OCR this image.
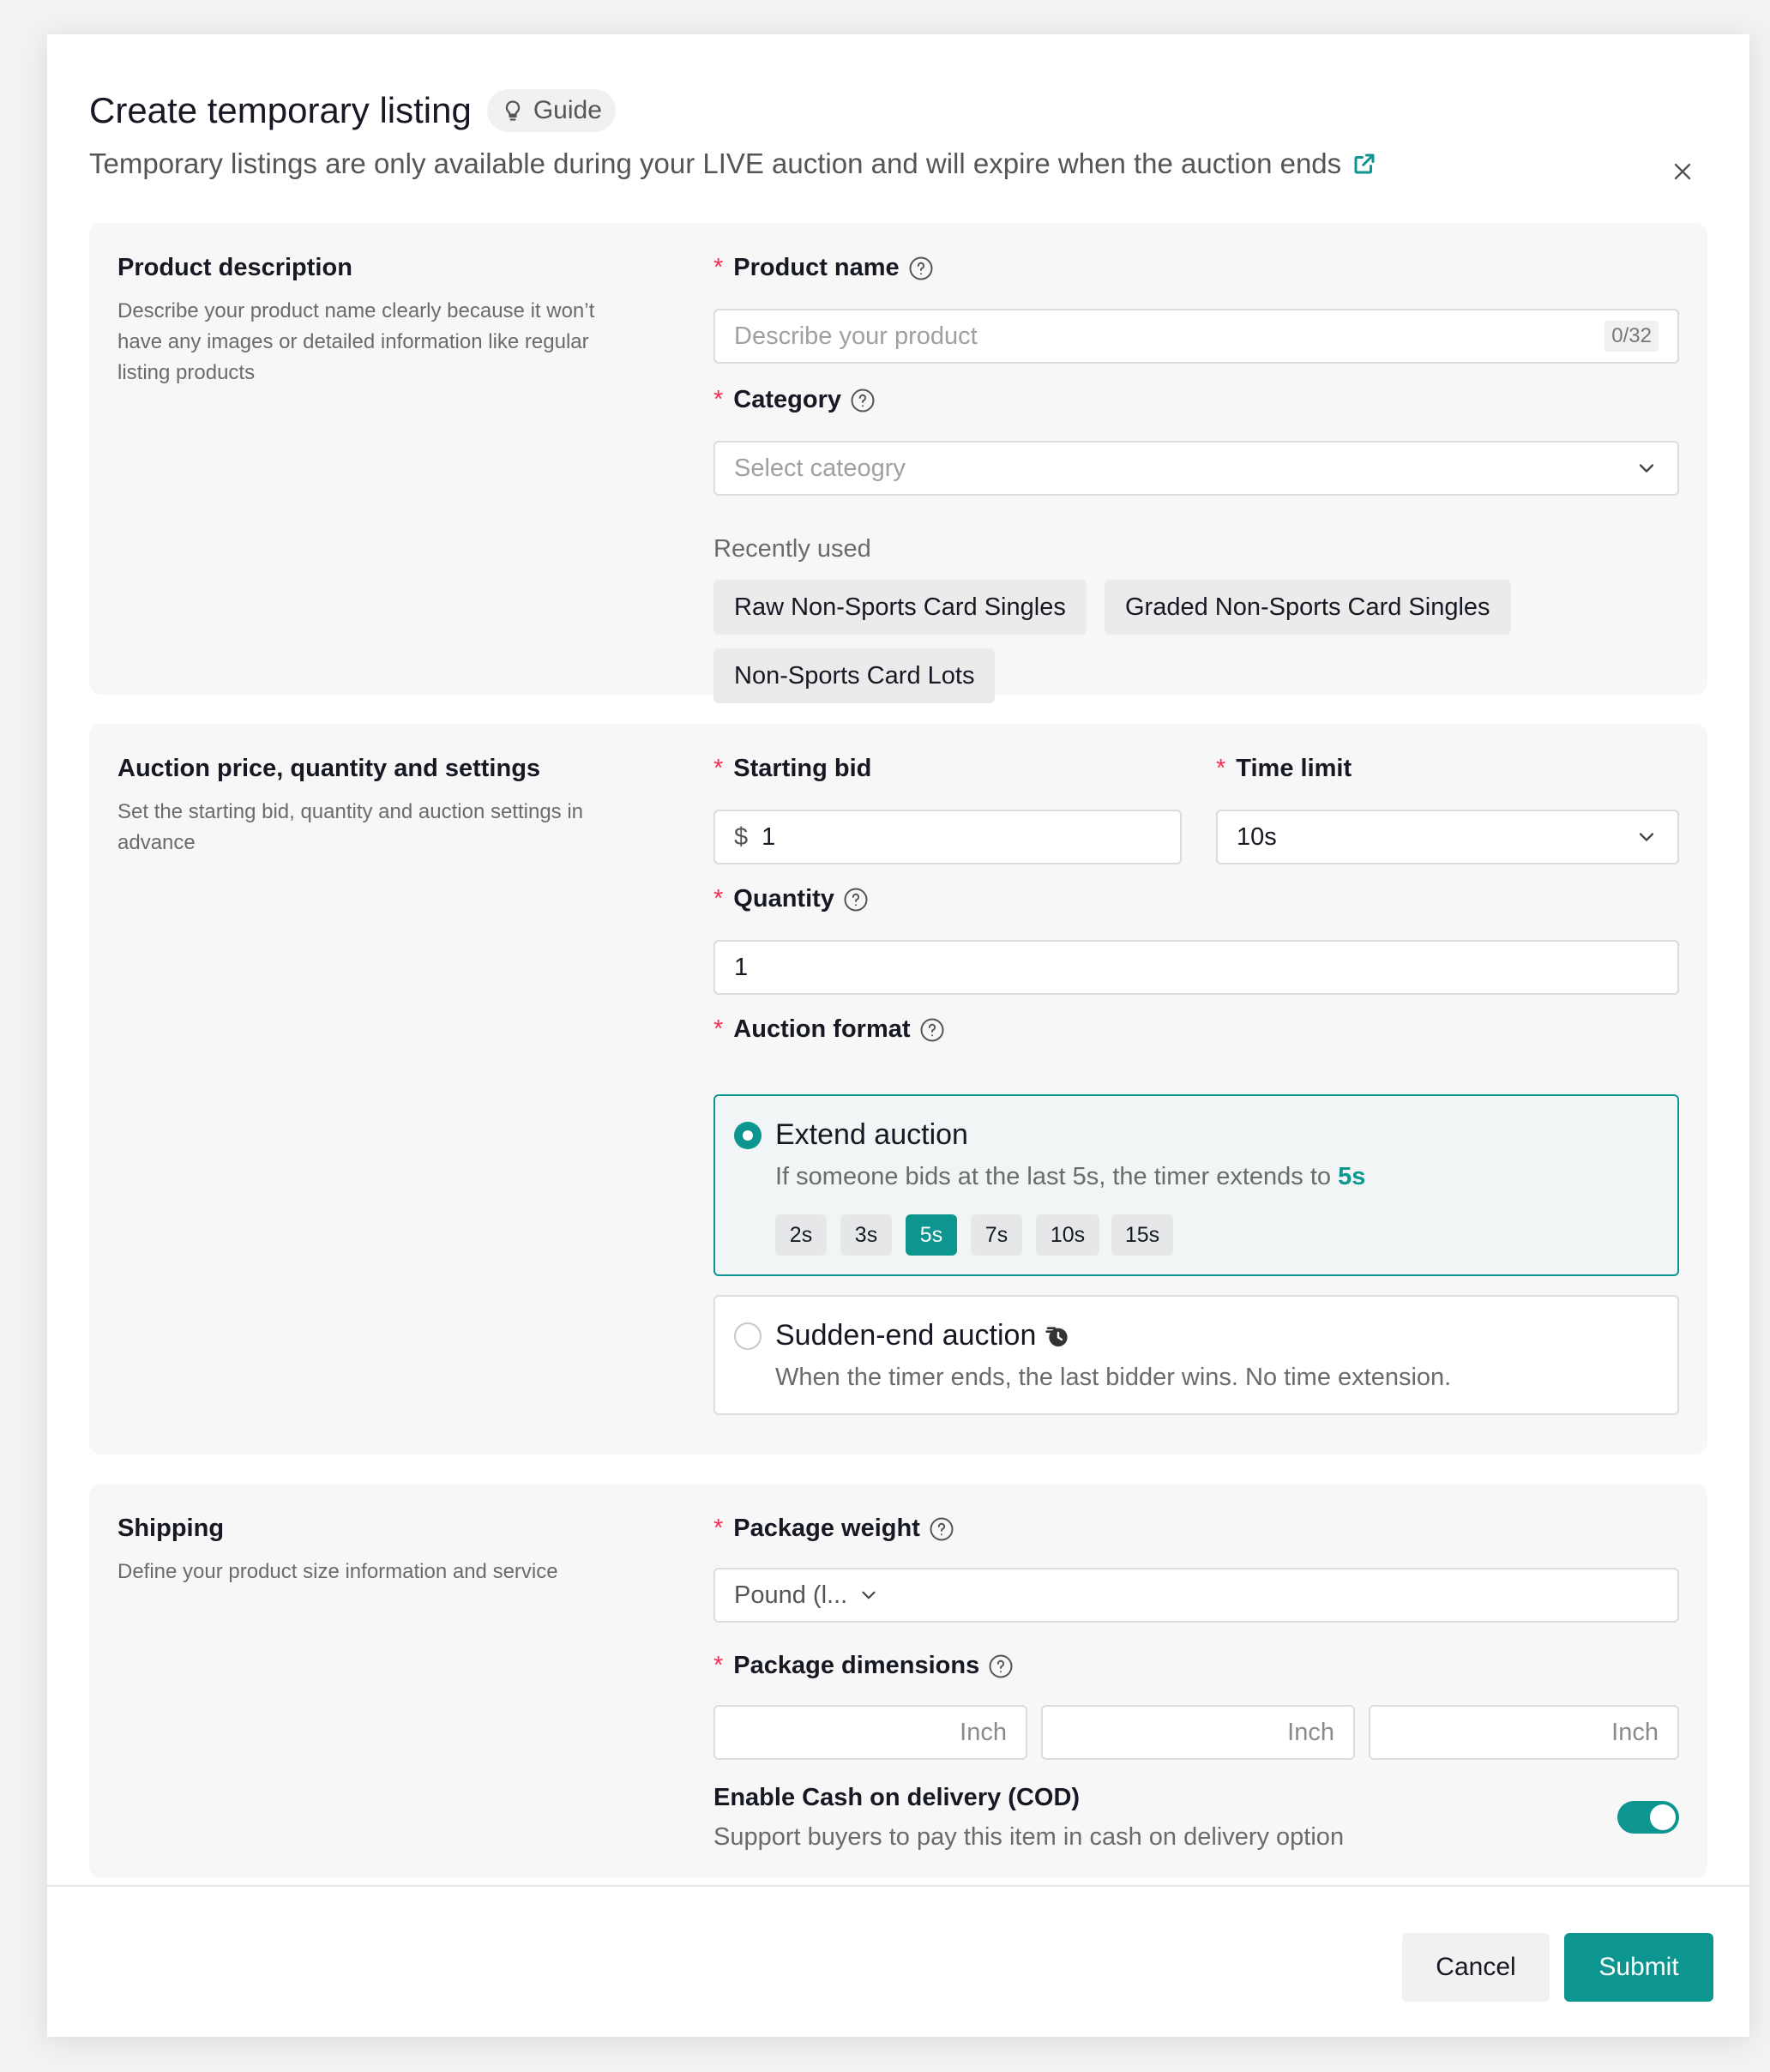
Create temporary listing Guide
Temporary listings are only available during your LIVE auction and will expire when the auction ends
Product description
Describe your product name clearly because it won’t have any images or detailed information like regular listing products
* Product name
Describe your product	0/32
* Category
Select cateogry
Recently used
Raw Non-Sports Card Singles	Graded Non-Sports Card Singles
Non-Sports Card Lots
Auction price, quantity and settings
Set the starting bid, quantity and auction settings in advance
* Starting bid
$ 1
* Time limit
10s
* Quantity
1
* Auction format
Extend auction
If someone bids at the last 5s, the timer extends to 5s
2s	3s	5s	7s	10s	15s
Sudden-end auction
When the timer ends, the last bidder wins. No time extension.
Shipping
Define your product size information and service
* Package weight
Pound (l...
* Package dimensions
Inch	Inch	Inch
Enable Cash on delivery (COD)
Support buyers to pay this item in cash on delivery option
Cancel	Submit
